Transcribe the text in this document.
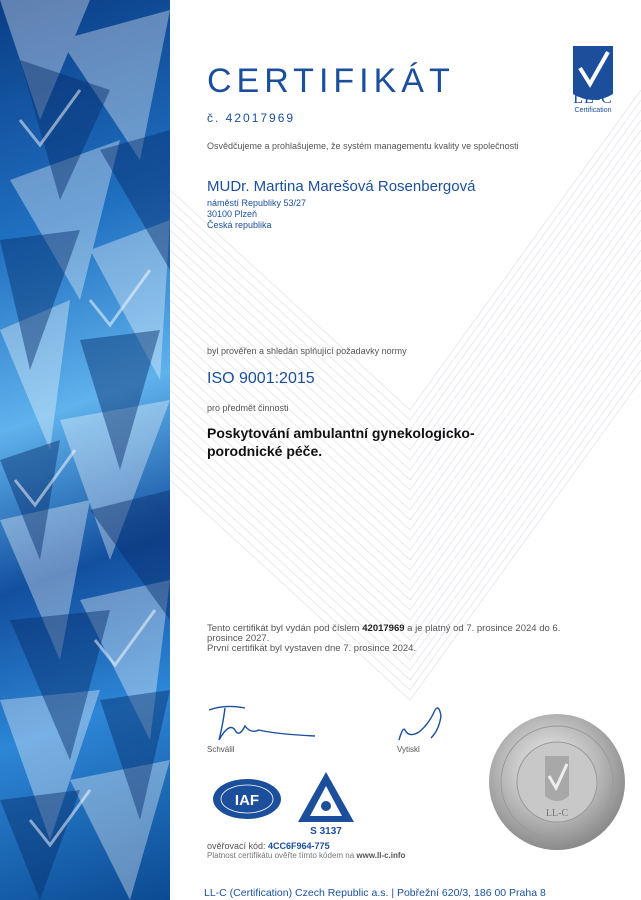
LL-C
Certification
CERTIFIKÁT
č. 42017969
Osvědčujeme a prohlašujeme, že systém managementu kvality ve společnosti
MUDr. Martina Marešová Rosenbergová
náměstí Republiky 53/27
30100 Plzeň
Česká republika
byl prověřen a shledán splňující požadavky normy
ISO 9001:2015
pro předmět činnosti
Poskytování ambulantní gynekologicko-porodnické péče.
Tento certifikát byl vydán pod číslem 42017969 a je platný od 7. prosince 2024 do 6. prosince 2027.
První certifikát byl vystaven dne 7. prosince 2024.
Schválil	Vytiskl
IAF
S 3137
LL-C
ověřovací kód: 4CC6F964-775
Platnost certifikátu ověřte tímto kódem na www.ll-c.info
LL-C (Certification) Czech Republic a.s. | Pobřežní 620/3, 186 00 Praha 8
